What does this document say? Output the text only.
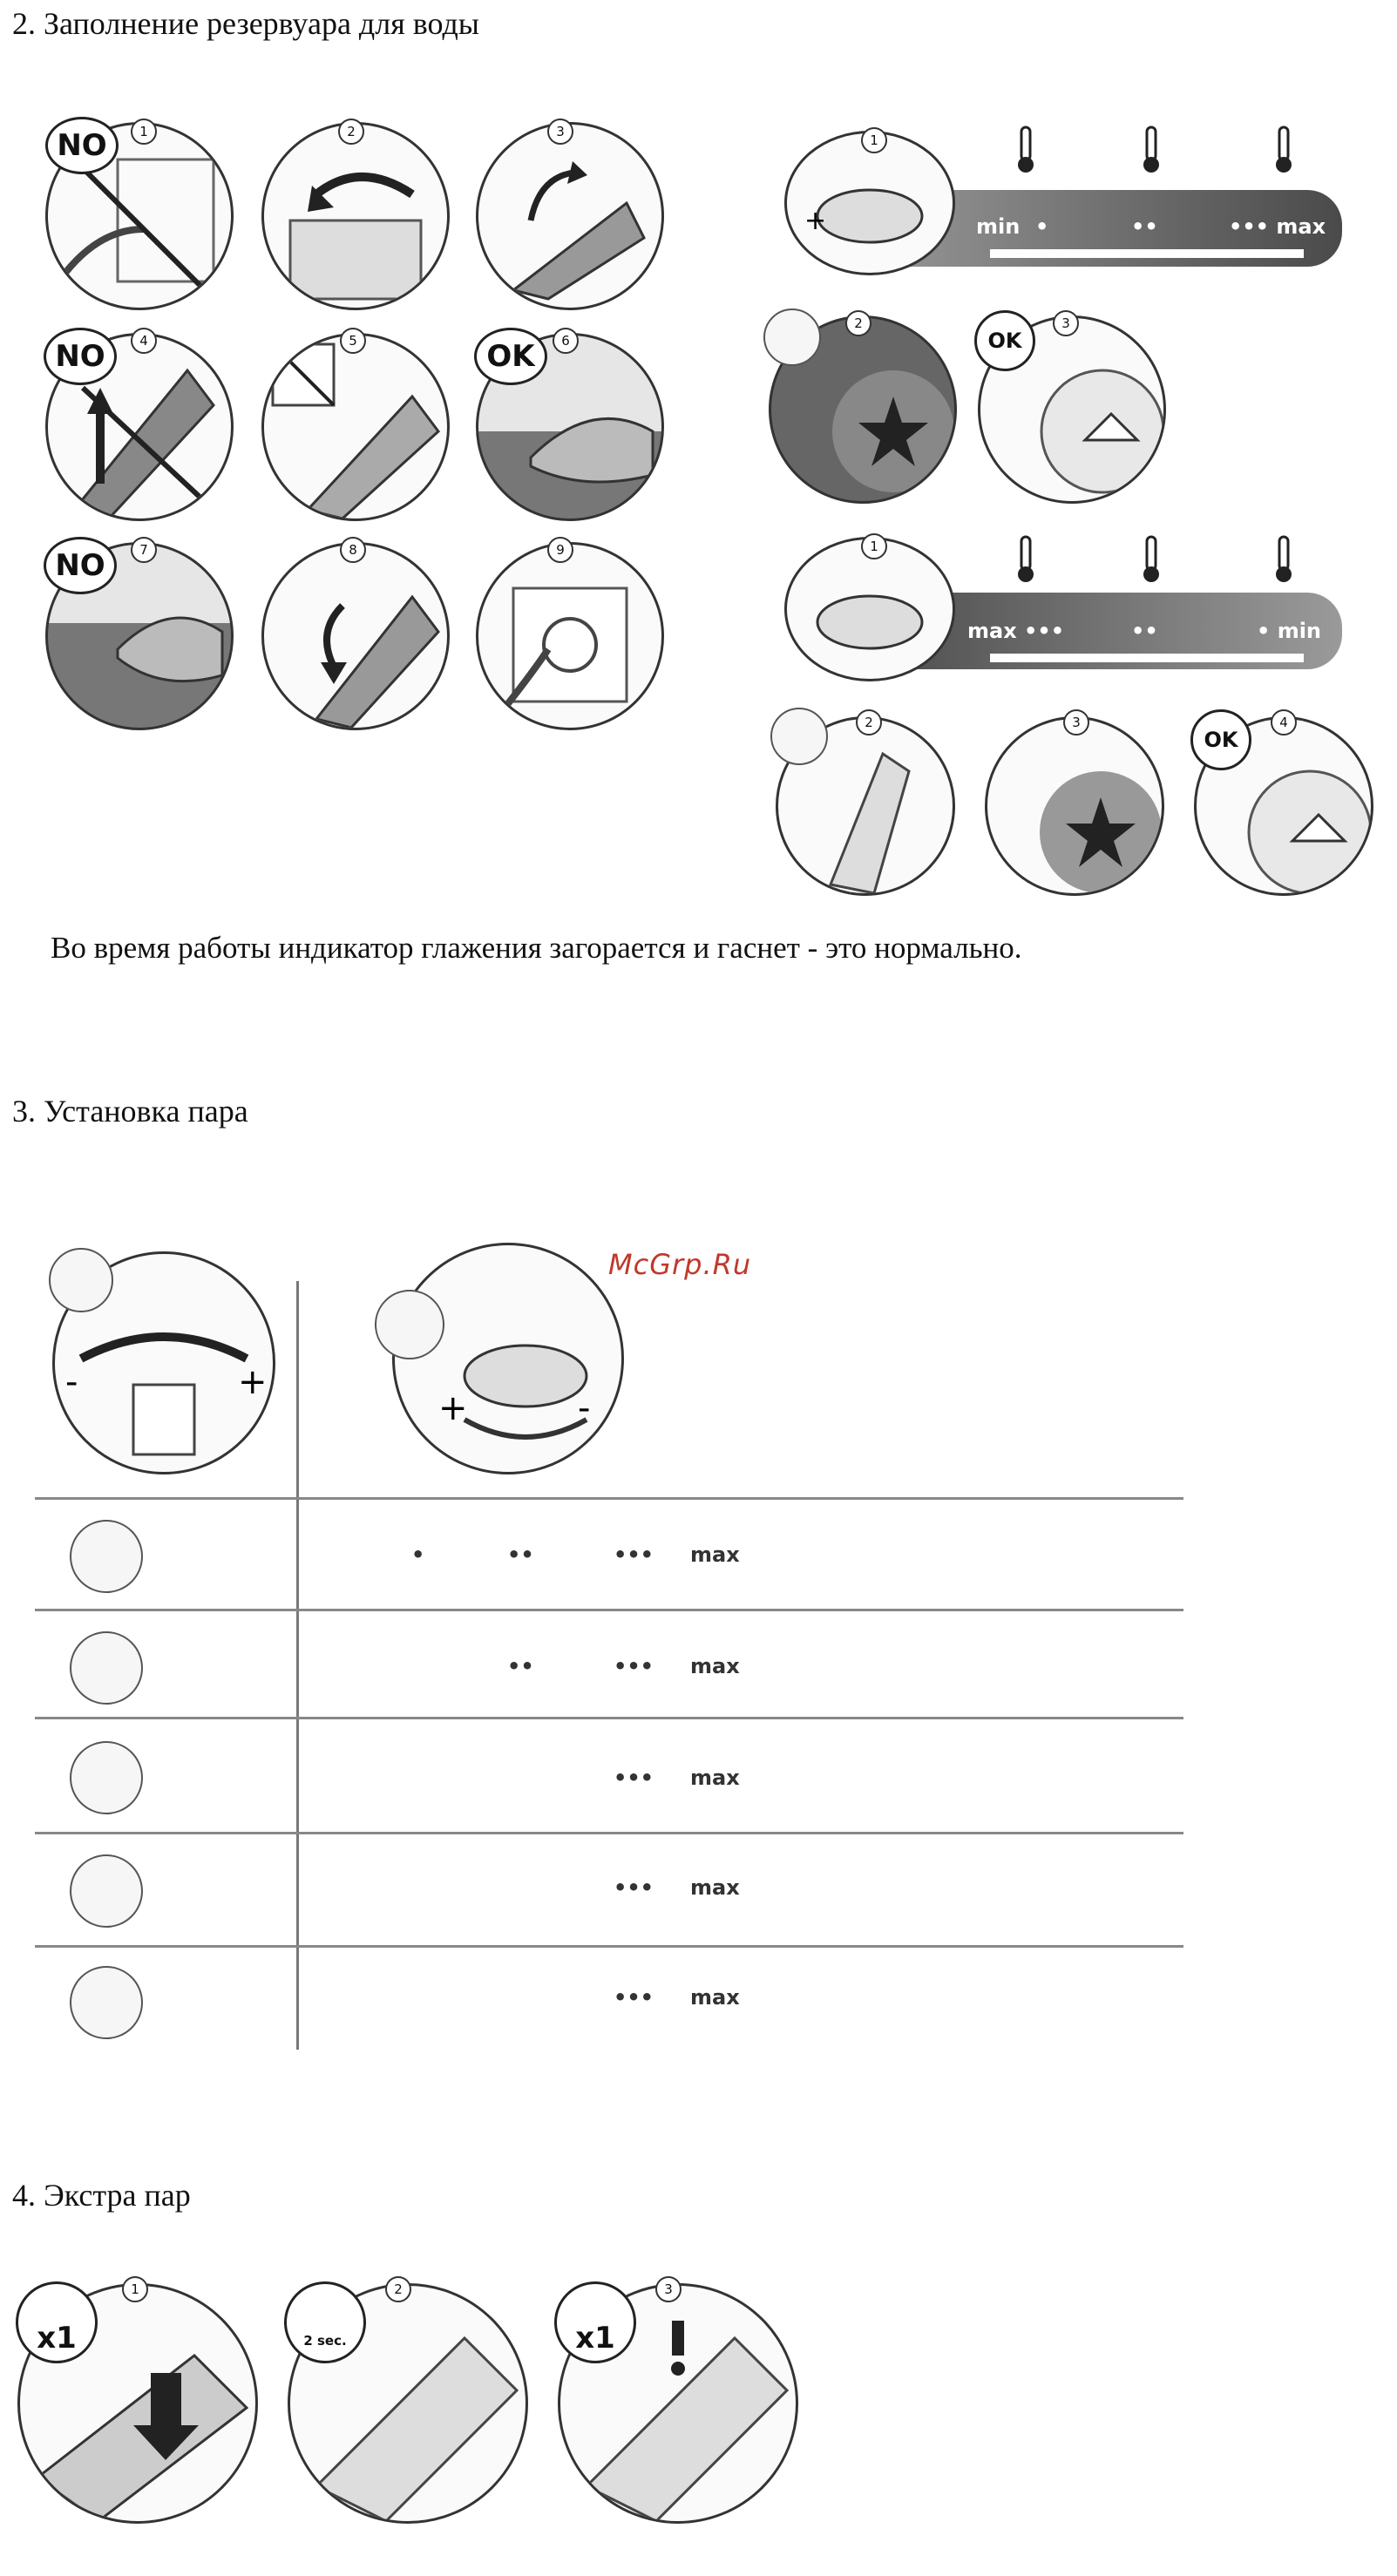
2. Заполнение резервуара для воды
NO	1	2	3
NO	4	5	OK	6
NO	7	8	9
+
1
min •	••	••• max
2
OK
3
1
max •••	••	• min
2	3
OK
4
Во время работы индикатор глажения загорается и гаснет - это нормально.
3. Установка пара
McGrp.Ru
-	+
+	-
•	••	••• max
••	••• max
••• max
••• max
••• max
4. Экстра пар
x1
1
2 sec.
2
x1
3
